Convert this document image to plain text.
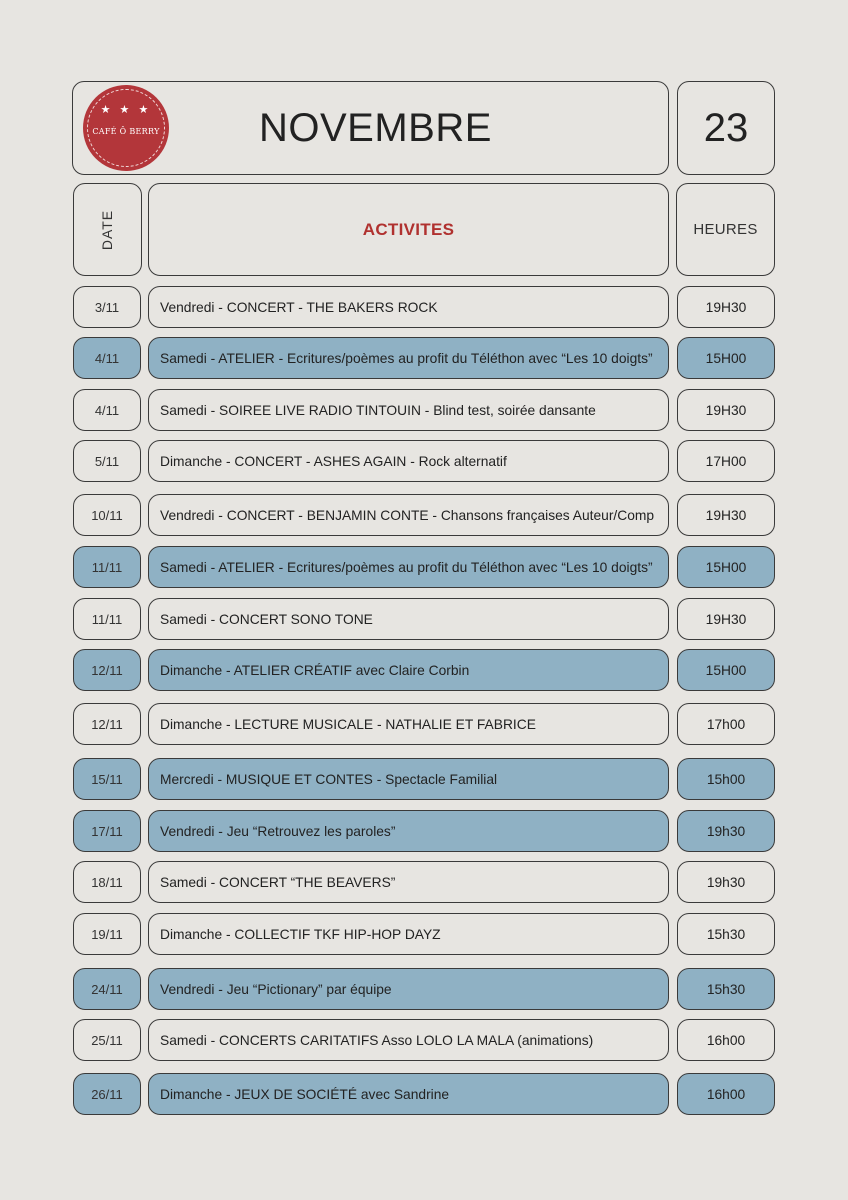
NOVEMBRE
★ ★ ★
CAFÉ Ô BERRY	23
DATE	ACTIVITES	HEURES
3/11	Vendredi - CONCERT - THE BAKERS ROCK	19H30
4/11	Samedi - ATELIER - Ecritures/poèmes au profit du Téléthon avec “Les 10 doigts”	15H00
4/11	Samedi - SOIREE LIVE RADIO TINTOUIN - Blind test, soirée dansante	19H30
5/11	Dimanche - CONCERT - ASHES AGAIN - Rock alternatif	17H00
10/11	Vendredi - CONCERT - BENJAMIN CONTE - Chansons françaises Auteur/Comp	19H30
11/11	Samedi - ATELIER - Ecritures/poèmes au profit du Téléthon avec “Les 10 doigts”	15H00
11/11	Samedi - CONCERT SONO TONE	19H30
12/11	Dimanche - ATELIER CRÉATIF avec Claire Corbin	15H00
12/11	Dimanche - LECTURE MUSICALE - NATHALIE ET FABRICE	17h00
15/11	Mercredi - MUSIQUE ET CONTES - Spectacle Familial	15h00
17/11	Vendredi - Jeu “Retrouvez les paroles”	19h30
18/11	Samedi - CONCERT “THE BEAVERS”	19h30
19/11	Dimanche - COLLECTIF TKF HIP-HOP DAYZ	15h30
24/11	Vendredi - Jeu “Pictionary” par équipe	15h30
25/11	Samedi - CONCERTS CARITATIFS Asso LOLO LA MALA (animations)	16h00
26/11	Dimanche - JEUX DE SOCIÉTÉ avec Sandrine	16h00
